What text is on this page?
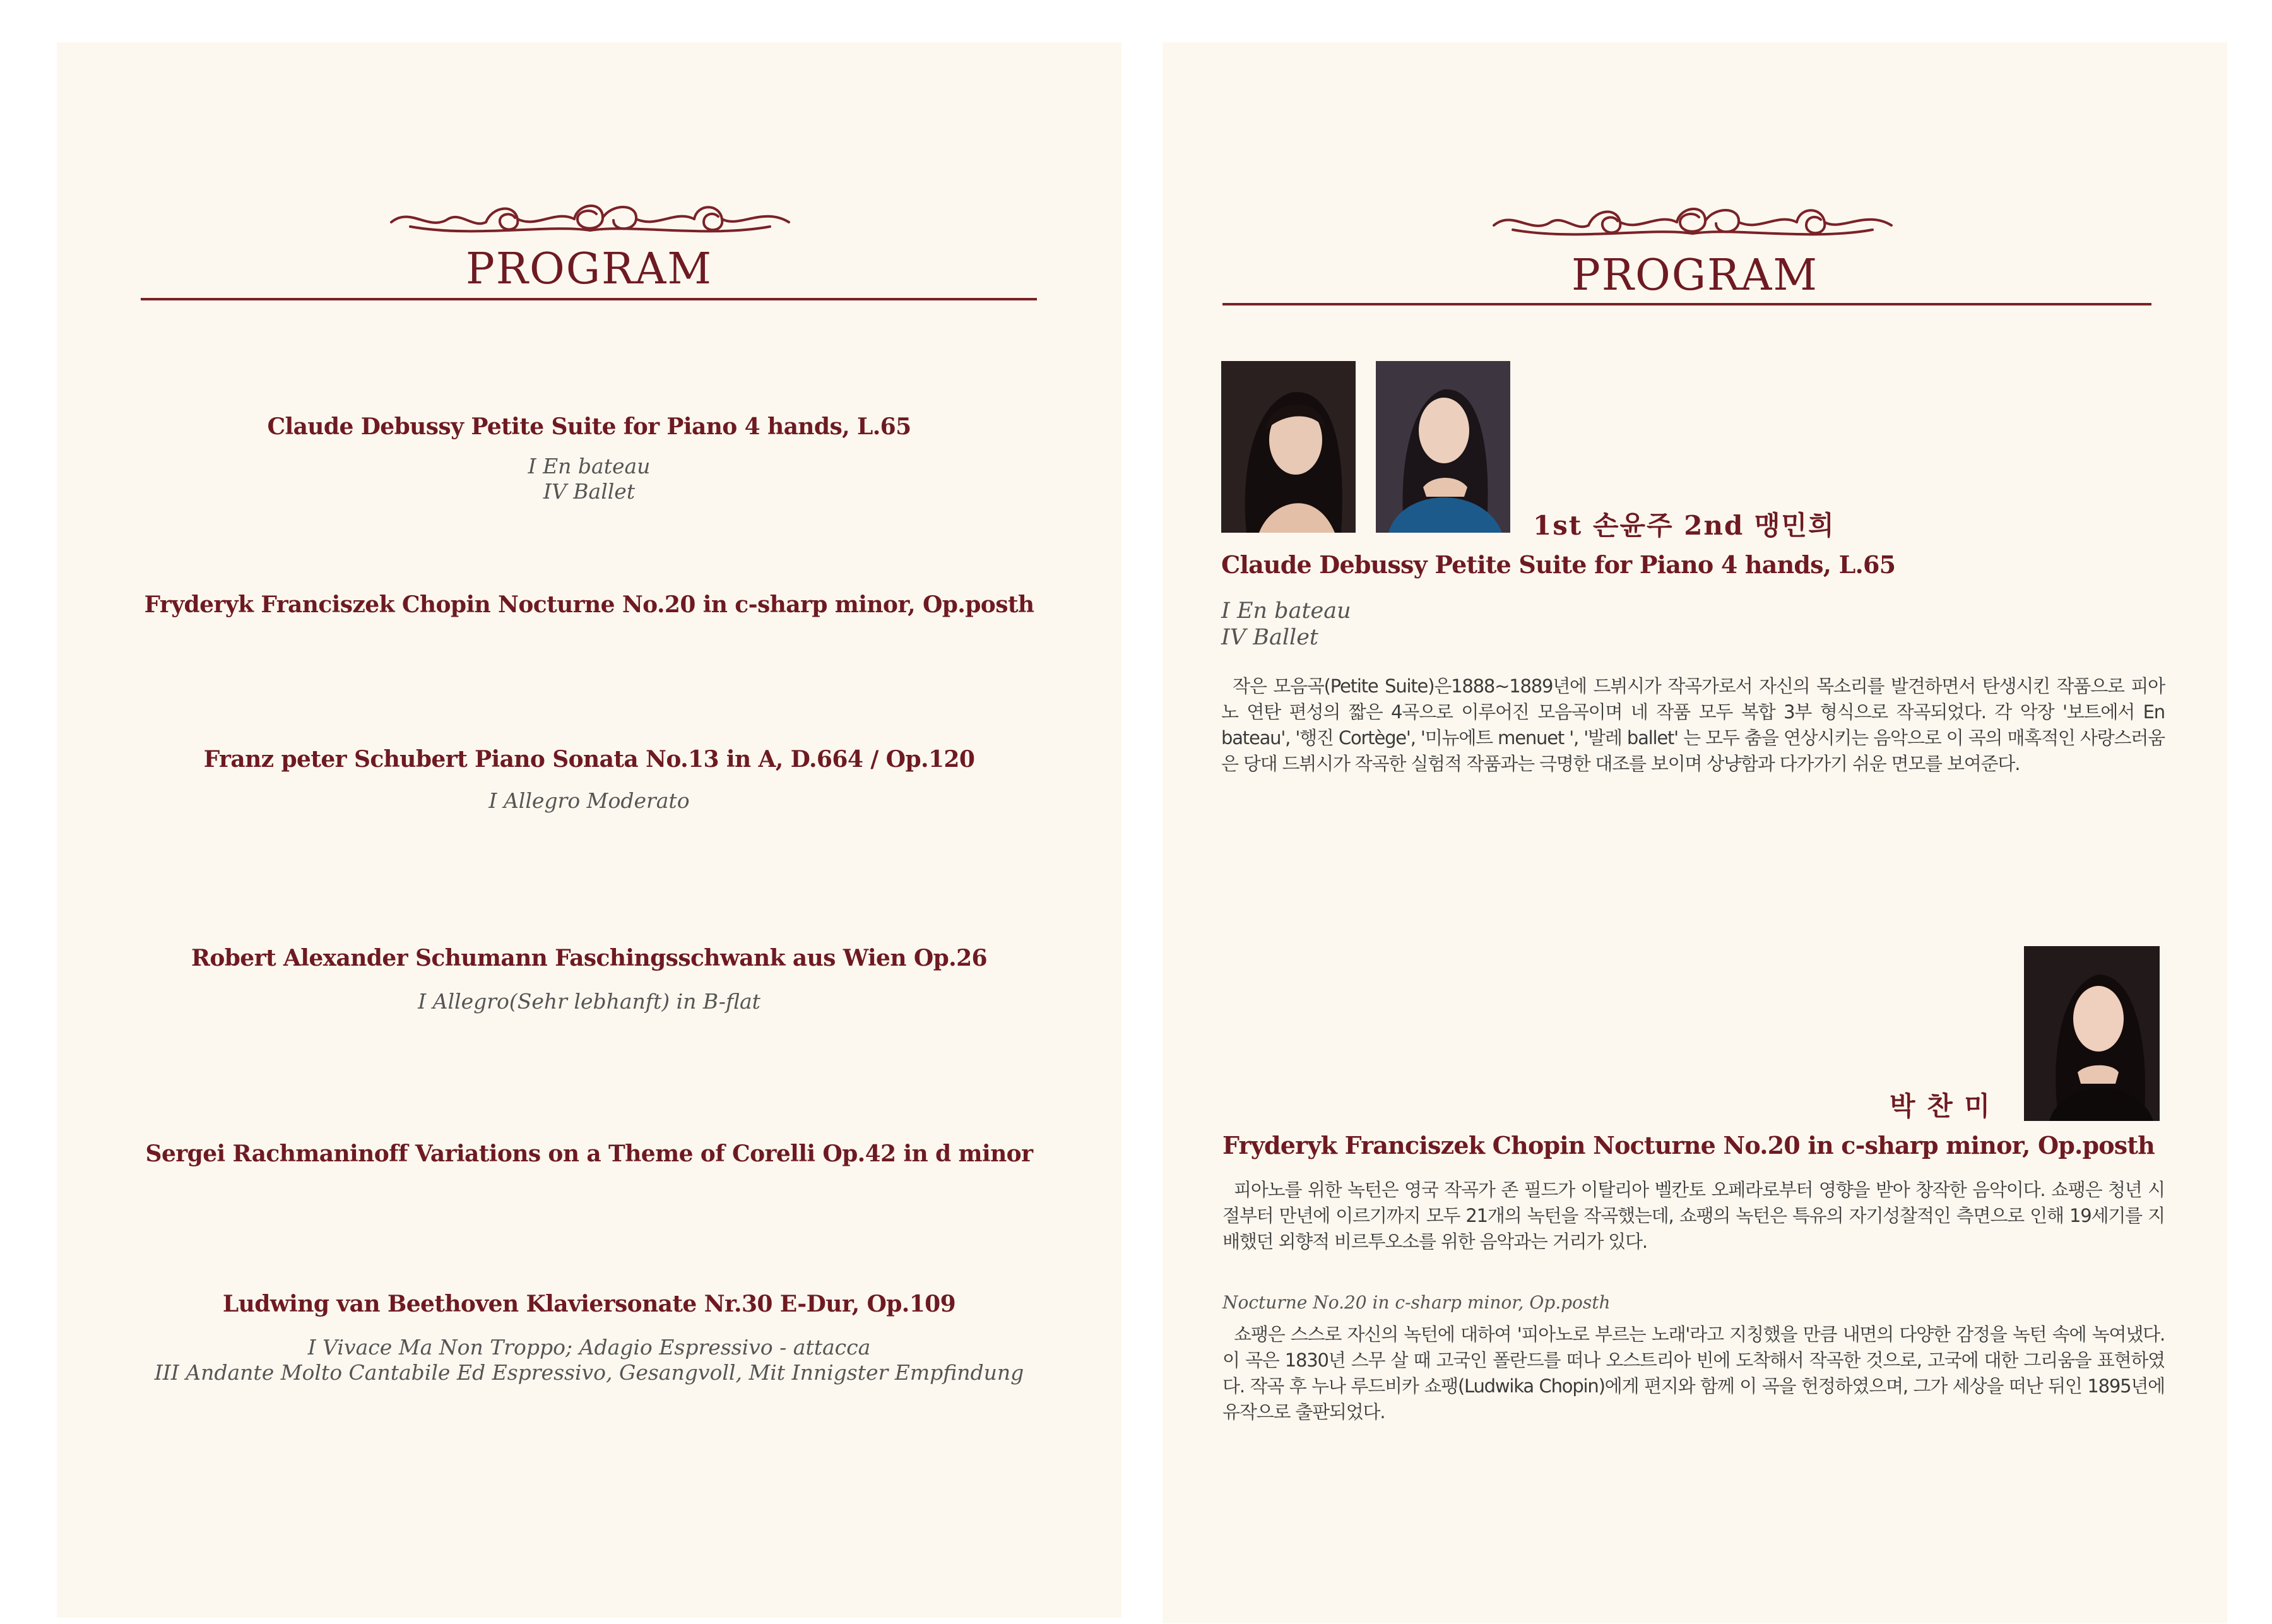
PROGRAM
Claude Debussy Petite Suite for Piano 4 hands, L.65
I En bateau
IV Ballet
Fryderyk Franciszek Chopin Nocturne No.20 in c-sharp minor, Op.posth
Franz peter Schubert Piano Sonata No.13 in A, D.664 / Op.120
I Allegro Moderato
Robert Alexander Schumann Faschingsschwank aus Wien Op.26
I Allegro(Sehr lebhanft) in B-flat
Sergei Rachmaninoff Variations on a Theme of Corelli Op.42 in d minor
Ludwing van Beethoven Klaviersonate Nr.30 E-Dur, Op.109
I Vivace Ma Non Troppo; Adagio Espressivo - attacca
III Andante Molto Cantabile Ed Espressivo, Gesangvoll, Mit Innigster Empfindung
PROGRAM
1st 손윤주 2nd 맹민희
Claude Debussy Petite Suite for Piano 4 hands, L.65
I En bateau
IV Ballet
작은 모음곡(Petite Suite)은1888~1889년에 드뷔시가 작곡가로서 자신의 목소리를 발견하면서 탄생시킨 작품으로 피아노 연탄 편성의 짧은 4곡으로 이루어진 모음곡이며 네 작품 모두 복합 3부 형식으로 작곡되었다. 각 악장 '보트에서 En bateau', '행진 Cortège', '미뉴에트 menuet ', '발레 ballet' 는 모두 춤을 연상시키는 음악으로 이 곡의 매혹적인 사랑스러움은 당대 드뷔시가 작곡한 실험적 작품과는 극명한 대조를 보이며 상냥함과 다가가기 쉬운 면모를 보여준다.
박 찬 미
Fryderyk Franciszek Chopin Nocturne No.20 in c-sharp minor, Op.posth
피아노를 위한 녹턴은 영국 작곡가 존 필드가 이탈리아 벨칸토 오페라로부터 영향을 받아 창작한 음악이다. 쇼팽은 청년 시절부터 만년에 이르기까지 모두 21개의 녹턴을 작곡했는데, 쇼팽의 녹턴은 특유의 자기성찰적인 측면으로 인해 19세기를 지배했던 외향적 비르투오소를 위한 음악과는 거리가 있다.
Nocturne No.20 in c-sharp minor, Op.posth
쇼팽은 스스로 자신의 녹턴에 대하여 '피아노로 부르는 노래'라고 지칭했을 만큼 내면의 다양한 감정을 녹턴 속에 녹여냈다. 이 곡은 1830년 스무 살 때 고국인 폴란드를 떠나 오스트리아 빈에 도착해서 작곡한 것으로, 고국에 대한 그리움을 표현하였다. 작곡 후 누나 루드비카 쇼팽(Ludwika Chopin)에게 편지와 함께 이 곡을 헌정하였으며, 그가 세상을 떠난 뒤인 1895년에 유작으로 출판되었다.
